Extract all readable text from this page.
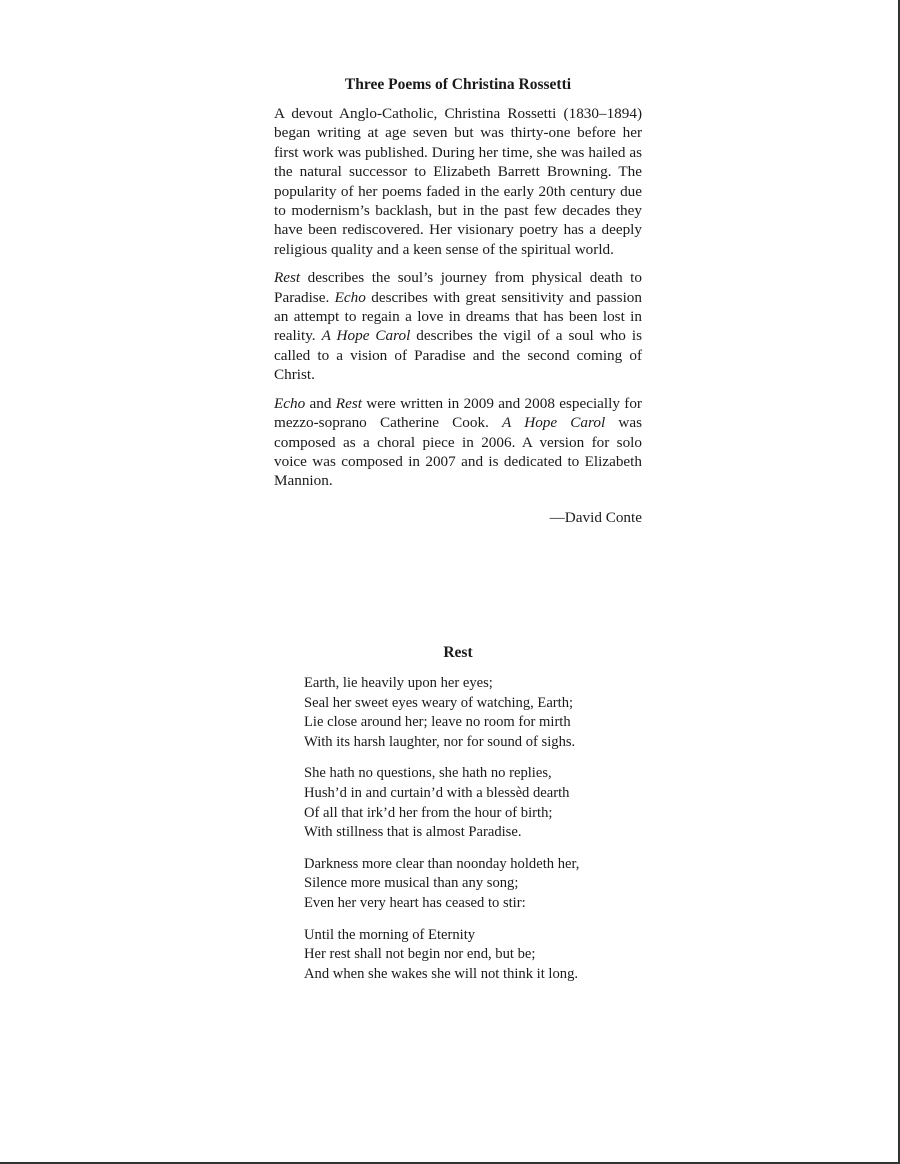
Three Poems of Christina Rossetti

A devout Anglo-Catholic, Christina Rossetti (1830–1894) began writing at age seven but was thirty-one before her first work was published. During her time, she was hailed as the natural successor to Elizabeth Barrett Browning. The popularity of her poems faded in the early 20th century due to modernism’s backlash, but in the past few decades they have been rediscovered. Her visionary poetry has a deeply religious quality and a keen sense of the spiritual world.

Rest describes the soul’s journey from physical death to Paradise. Echo describes with great sensitivity and passion an attempt to regain a love in dreams that has been lost in reality. A Hope Carol describes the vigil of a soul who is called to a vision of Paradise and the second coming of Christ.

Echo and Rest were written in 2009 and 2008 especially for mezzo-soprano Catherine Cook. A Hope Carol was composed as a choral piece in 2006. A version for solo voice was composed in 2007 and is dedicated to Elizabeth Mannion.

—David Conte
Rest
Earth, lie heavily upon her eyes;
Seal her sweet eyes weary of watching, Earth;
Lie close around her; leave no room for mirth
With its harsh laughter, nor for sound of sighs.
She hath no questions, she hath no replies,
Hush’d in and curtain’d with a blessèd dearth
Of all that irk’d her from the hour of birth;
With stillness that is almost Paradise.
Darkness more clear than noonday holdeth her,
Silence more musical than any song;
Even her very heart has ceased to stir:
Until the morning of Eternity
Her rest shall not begin nor end, but be;
And when she wakes she will not think it long.
